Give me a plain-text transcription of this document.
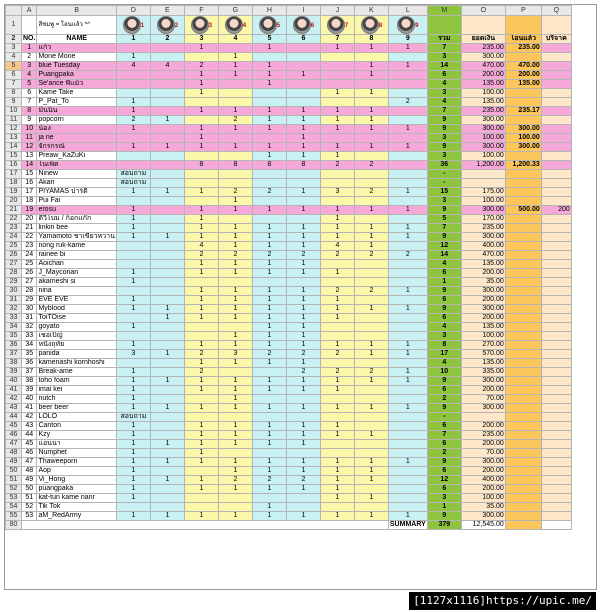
	A	B	D	E	F	G	H	I	J	K	L	M	O	P	Q
1		สีชมพู = โอนแล้ว ^^	1	2	3	4	5	6	7	8	9				
2	NO.	NAME	1	2	3	4	5	6	7	8	9	รวม	ยอดเงิน	โอนแล้ว	บริจาค
3	1	แก้ว			1		1		1	1	1	7	235.00	235.00	
4	2	Mone Mone	1			1						3	300.00		
5	3	blue Tuesday	4	4	2	1	1			1	1	14	470.00	470.00	
6	4	Puangpaka			1	1	1	1		1		6	200.00	200.00	
7	5	Se'ance พี่แม้ว			1		1					4	135.00	135.00	
8	6	Kame Take			1				1	1		3	100.00		
9	7	P_Pat_To	1								2	4	135.00		
10	8	มินนิ่น	1		1	1	1	1	1	1		7	235.00	235.17	
11	9	popcorn	2	1		2	1	1	1	1		9	300.00		
12	10	น้อง	1		1	1	1	1	1	1	1	9	300.00	300.00	
13	11	ja ne			1			1				3	100.00	100.00	
14	12	จักรกรณ์	1	1	1	1	1	1	1	1	1	9	300.00	300.00	
15	13	Preaw_KaZuKi					1	1	1			3	100.00		
16	14	โนเพ็ต			8	8	8	8	2	2		36	1,200.00	1,200.33	
17	15	Ninew	สอบถาม									-			
18	16	Akari	สอบถาม									-			
19	17	PIYAMAS ปาร์ตี้	1	1	1	2	2	1	3	2	1	15	175.00		
20	18	Pui Fai				1						3	100.00		
21	19	erosu	1		1	1	1	1	1	1	1	9	300.00	500.00	200
22	20	ดีวีโบม / ก็อกแก๊ก	1		1				1			5	170.00		
23	21	linkin bee	1		1	1	1	1	1	1	1	7	235.00		
24	22	Yamamoto ชาเขียวหวาน	1	1	1	1	1	1	1	1	1	9	300.00		
25	23	nong ruk-kame			4	1	1	1	4	1		12	400.00		
26	24	rainee bi			2	2	2	2	2	2	2	14	470.00		
27	25	Aoichan			1	1	1	1				4	135.00		
28	26	J_Mayconan	1		1	1	1	1	1			6	200.00		
29	27	akameshi si	1									1	35.00		
30	28	nina			1	1	1	1	2	2	1	9	300.00		
31	29	EVE EVE	1		1	1	1	1	1			6	200.00		
32	30	Myblood	1	1	1	1	1	1	1	1	1	9	300.00		
33	31	ToiTOise		1	1	1	1	1	1			6	200.00		
34	32	goyato	1				1	1				4	135.00		
35	33	เชอเบิญ์				1	1	1				3	100.00		
36	34	หนึ่งฤทัย	1		1	1	1	1	1	1	1	8	270.00		
37	35	panida	3	1	2	3	2	2	2	1	1	17	570.00		
38	36	kamenashi kornhoshi			1	1	1	1				4	135.00		
39	37	Break-ame	1		2			2	2	2	1	10	335.00		
40	38	toho foam	1	1	1	1	1	1	1	1	1	9	300.00		
41	39	imai kei	1		1	1	1	1	1			6	200.00		
42	40	nutch	1			1						2	70.00		
43	41	beer beer	1	1	1	1	1	1	1	1	1	9	300.00		
44	42	LOLO	สอบถาม									-			
45	43	Canton	1		1	1	1	1	1			6	200.00		
46	44	Kzy	1		1	1	1	1	1	1		7	235.00		
47	45	แอนนา	1	1	1	1	1	1				6	200.00		
48	46	Numphet	1		1							2	70.00		
49	47	Thaweeporn	1	1	1	1	1	1	1	1	1	9	300.00		
50	48	Aop	1			1	1	1	1	1		6	200.00		
51	49	Vi_Hong	1	1	1	2	2	2	1	1		12	400.00		
52	50	puangpaka	1		1	1	1	1	1			6	200.00		
53	51	kat-tun kame nanr	1						1	1		3	100.00		
54	52	Tik Tok					1					1	35.00		
55	53	aM_RedArmy	1	1	1	1	1	1	1	1	1	9	300.00		
80											SUMMARY	379	12,545.00		
[1127x1116]https://upic.me/
